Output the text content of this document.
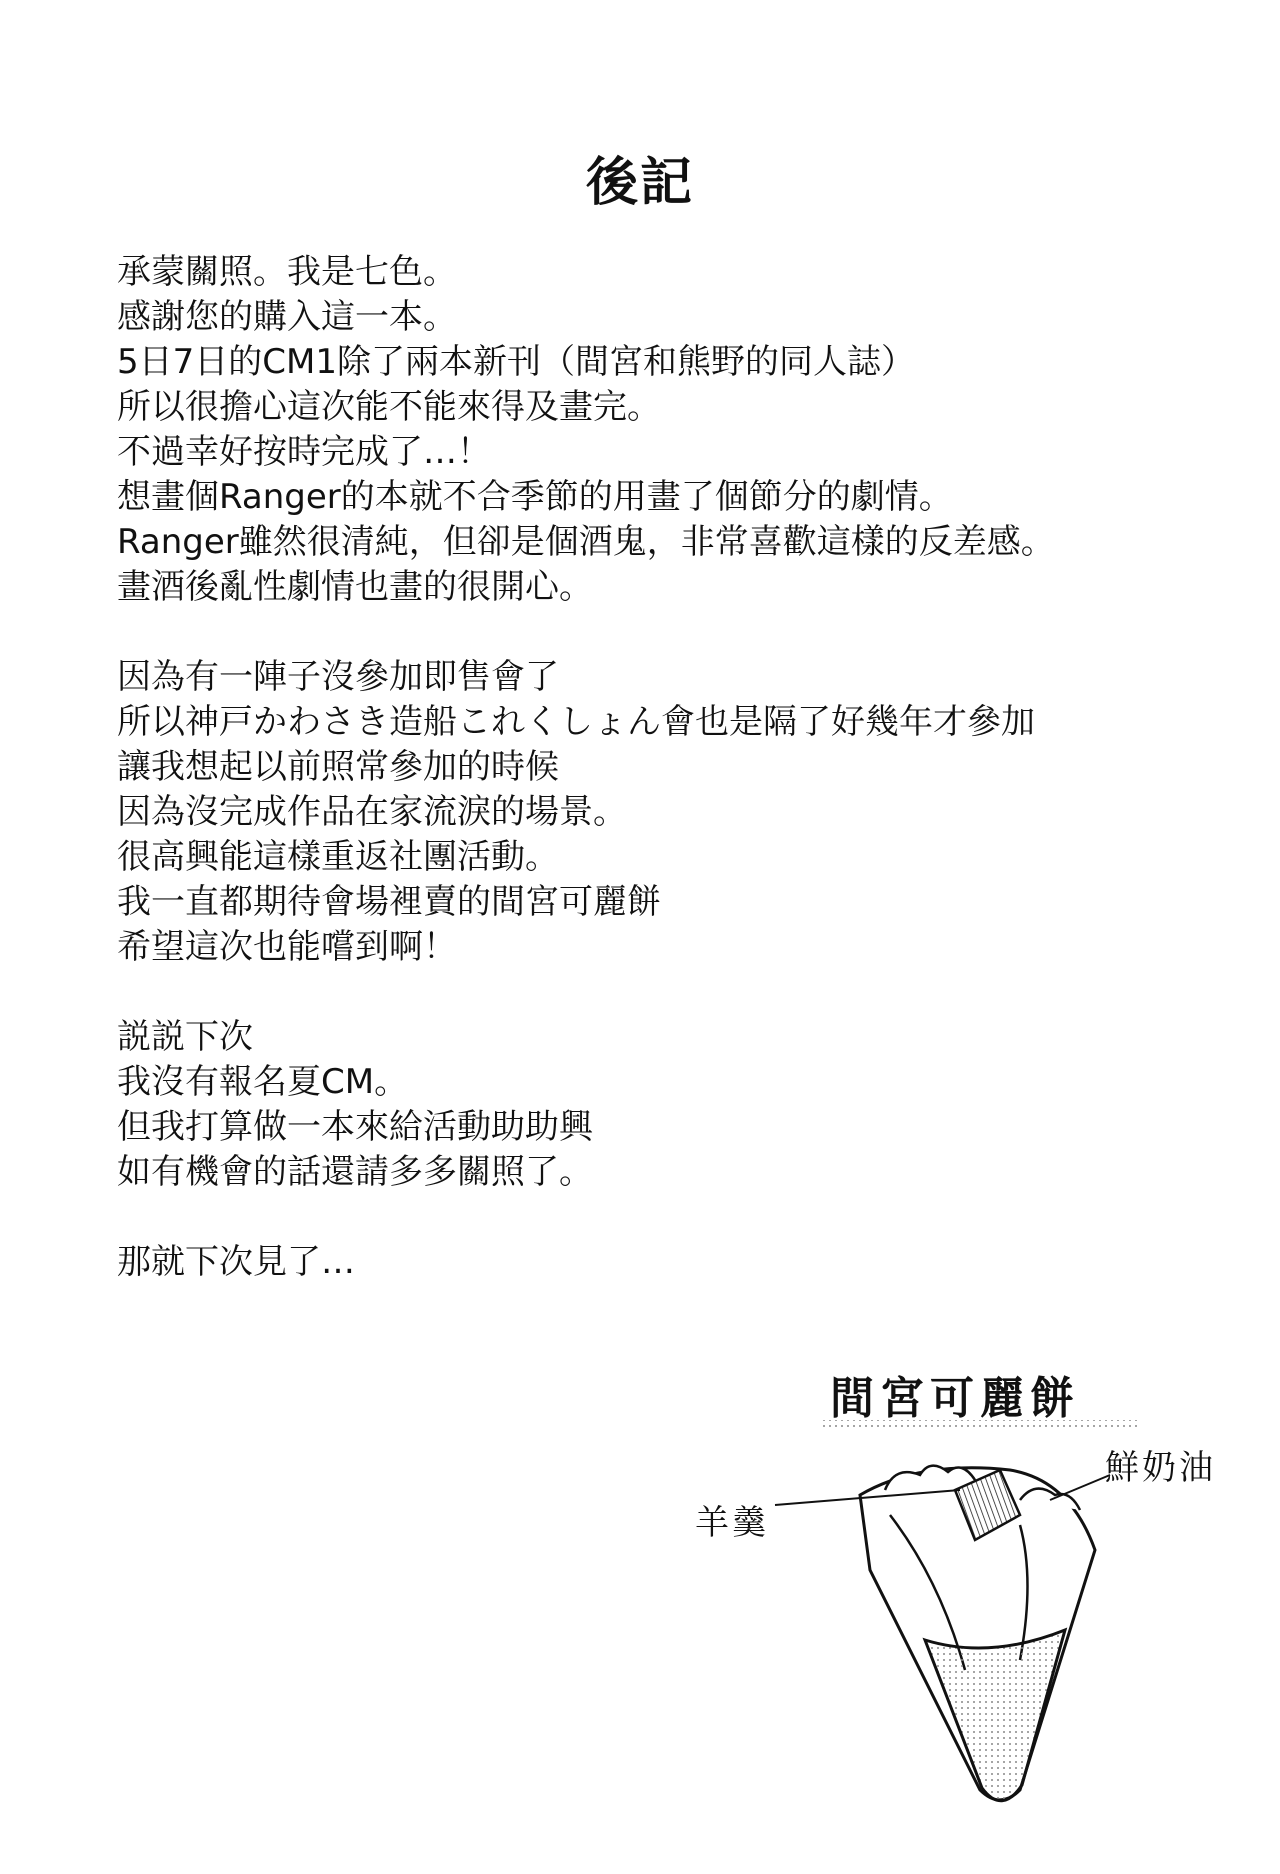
後記
承蒙關照。我是七色。
感謝您的購入這一本。
5日7日的CM1除了兩本新刊（間宮和熊野的同人誌）
所以很擔心這次能不能來得及畫完。
不過幸好按時完成了…！
想畫個Ranger的本就不合季節的用畫了個節分的劇情。
Ranger雖然很清純，但卻是個酒鬼，非常喜歡這樣的反差感。
畫酒後亂性劇情也畫的很開心。
因為有一陣子沒參加即售會了
所以神戸かわさき造船これくしょん會也是隔了好幾年才參加
讓我想起以前照常參加的時候
因為沒完成作品在家流淚的場景。
很高興能這樣重返社團活動。
我一直都期待會場裡賣的間宮可麗餅
希望這次也能嚐到啊！
説説下次
我沒有報名夏CM。
但我打算做一本來給活動助助興
如有機會的話還請多多關照了。
那就下次見了…
間宮可麗餅
鮮奶油
羊羹
